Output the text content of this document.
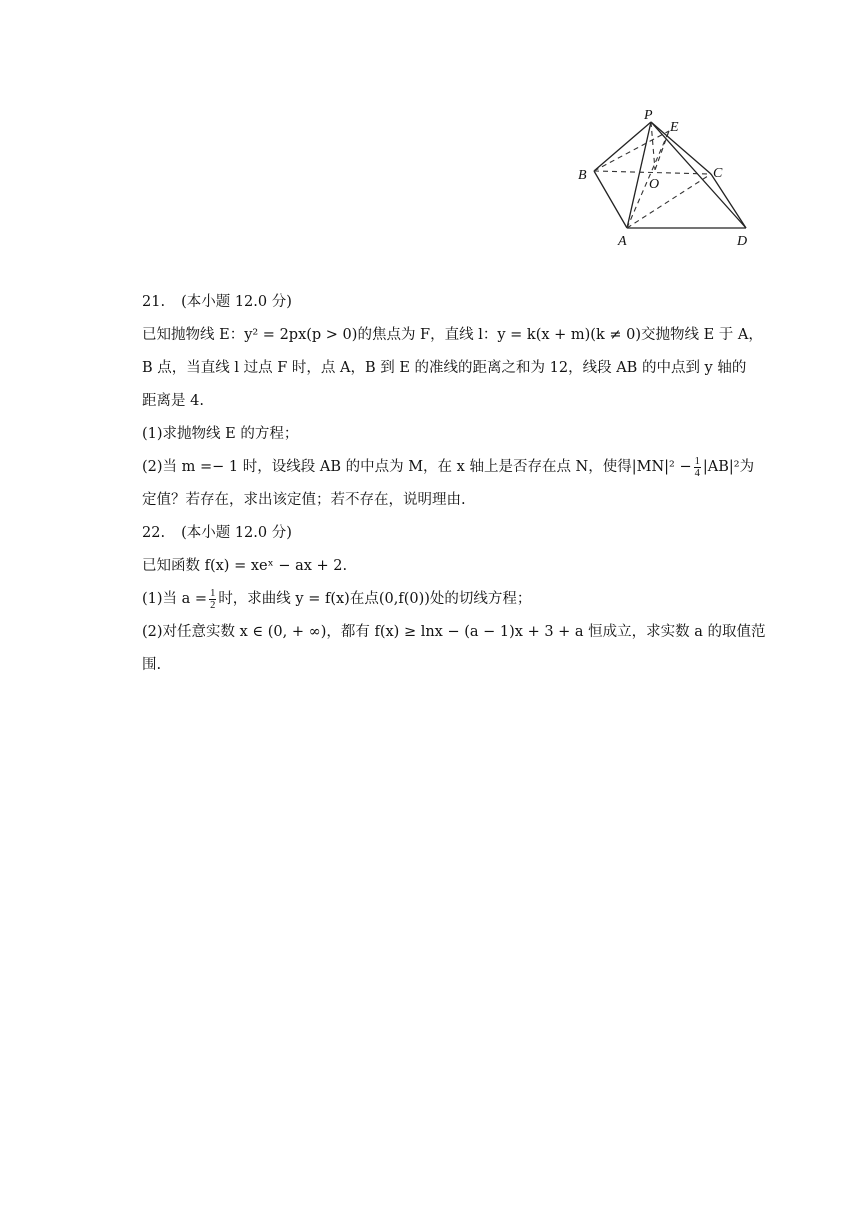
P
E
B
O
C
A	D
21. (本小题 12.0 分)
已知抛物线 E：y² = 2px(p > 0)的焦点为 F，直线 l：y = k(x + m)(k ≠ 0)交抛物线 E 于 A，
B 点，当直线 l 过点 F 时，点 A，B 到 E 的准线的距离之和为 12，线段 AB 的中点到 y 轴的
距离是 4.
(1)求抛物线 E 的方程；
(2)当 m =− 1 时，设线段 AB 的中点为 M，在 x 轴上是否存在点 N，使得$|MN|^2 - \frac{1}{4} |AB|^2$为
定值？若存在，求出该定值；若不存在，说明理由.
22. (本小题 12.0 分)
已知函数 f(x) = xeˣ − ax + 2.
(1)当 $a = \frac{1}{2}$ 时，求曲线 y = f(x)在点(0,f(0))处的切线方程；
(2)对任意实数 x ∈ (0, + ∞)，都有 f(x) ≥ lnx − (a − 1)x + 3 + a 恒成立，求实数 a 的取值范
围.
